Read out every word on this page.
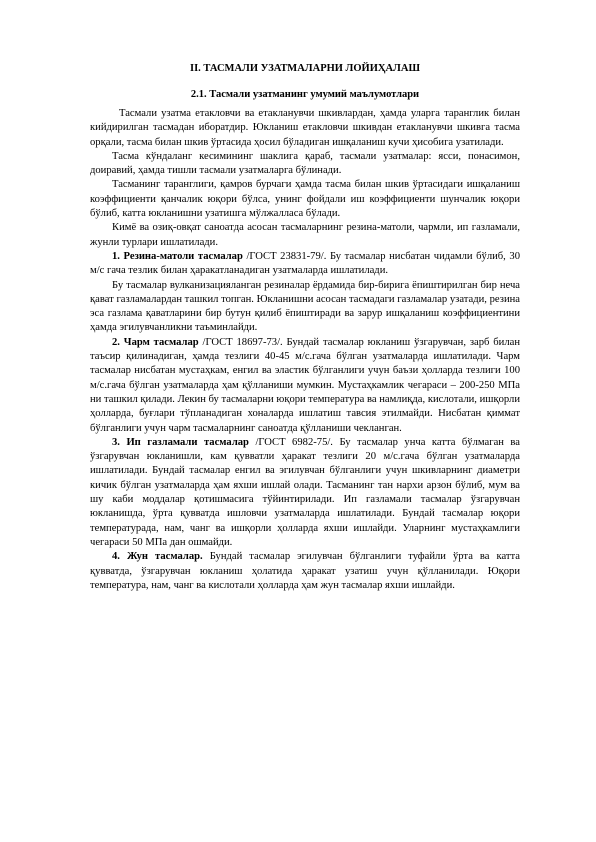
II. ТАСМАЛИ УЗАТМАЛАРНИ ЛОЙИҲАЛАШ
2.1. Тасмали узатманинг умумий маълумотлари

Тасмали узатма етакловчи ва етакланувчи шкивлардан, ҳамда уларга таранглик билан кийдирилган тасмадан иборатдир. Юкланиш етакловчи шкивдан етакланувчи шкивга тасма орқали, тасма билан шкив ўртасида ҳосил бўладиган ишқаланиш кучи ҳисобига узатилади.

Тасма кўндаланг кесимининг шаклига қараб, тасмали узатмалар: ясси, понасимон, доиравий, ҳамда тишли тасмали узатмаларга бўлинади.

Тасманинг таранглиги, қамров бурчаги ҳамда тасма билан шкив ўртасидаги ишқаланиш коэффициенти қанчалик юқори бўлса, унинг фойдали иш коэффициенти шунчалик юқори бўлиб, катта юкланишни узатишга мўлжаллаcа бўлади.

Кимё ва озиқ-овқат саноатда асосан тасмаларнинг резина-матоли, чармли, ип газламали, жунли турлари ишлатилади.

1. Резина-матоли тасмалар /ГОСТ 23831-79/. Бу тасмалар нисбатан чидамли бўлиб, 30 м/с гача тезлик билан ҳаракатланадиган узатмаларда ишлатилади.

Бу тасмалар вулканизацияланган резиналар ёрдамида бир-бирига ёпиштирилган бир неча қават газламалардан ташкил топган. Юкланишни асосан тасмадаги газламалар узатади, резина эса газлама қаватларини бир бутун қилиб ёпиштиради ва зарур ишқаланиш коэффициентини ҳамда эгилувчанликни таъминлайди.

2. Чарм тасмалар /ГОСТ 18697-73/. Бундай тасмалар юкланиш ўзгарувчан, зарб билан таъсир қилинадиган, ҳамда тезлиги 40-45 м/с.гача бўлган узатмаларда ишлатилади. Чарм тасмалар нисбатан мустаҳкам, енгил ва эластик бўлганлиги учун баъзи ҳолларда тезлиги 100 м/с.гача бўлган узатмаларда ҳам қўлланиши мумкин. Мустаҳкамлик чегараси – 200-250 МПа ни ташкил қилади. Лекин бу тасмаларни юқори температура ва намлиқда, кислотали, ишқорли ҳолларда, буғлари тўпланадиган хоналарда ишлатиш тавсия этилмайди. Нисбатан қиммат бўлганлиги учун чарм тасмаларнинг саноатда қўлланиши чекланган.

3. Ип газламали тасмалар /ГОСТ 6982-75/. Бу тасмалар унча катта бўлмаган ва ўзгарувчан юкланишли, кам қувватли ҳаракат тезлиги 20 м/с.гача бўлган узатмаларда ишлатилади. Бундай тасмалар енгил ва эгилувчан бўлганлиги учун шкивларнинг диаметри кичик бўлган узатмаларда ҳам яхши ишлай олади. Тасманинг тан нархи арзон бўлиб, мум ва шу каби моддалар қотишмасига тўйинтирилади. Ип газламали тасмалар ўзгарувчан юкланишда, ўрта қувватда ишловчи узатмаларда ишлатилади. Бундай тасмалар юқори температурада, нам, чанг ва ишқорли ҳолларда яхши ишлайди. Уларнинг мустаҳкамлиги чегараси 50 МПа дан ошмайди.

4. Жун тасмалар. Бундай тасмалар эгилувчан бўлганлиги туфайли ўрта ва катта қувватда, ўзгарувчан юкланиш ҳолатида ҳаракат узатиш учун қўлланилади. Юқори температура, нам, чанг ва кислотали ҳолларда ҳам жун тасмалар яхши ишлайди.
